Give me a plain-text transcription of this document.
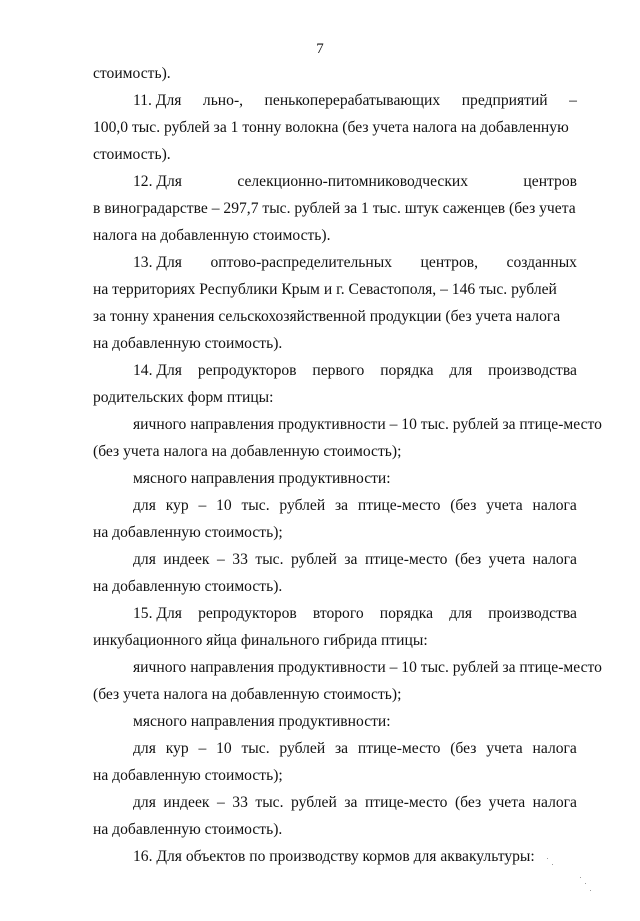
7
стоимость).
11. Для льно-, пенькоперерабатывающих предприятий –
100,0 тыс. рублей за 1 тонну волокна (без учета налога на добавленную
стоимость).
12. Для	селекционно-питомниководческих	центров
в виноградарстве – 297,7 тыс. рублей за 1 тыс. штук саженцев (без учета
налога на добавленную стоимость).
13. Для оптово-распределительных центров, созданных
на территориях Республики Крым и г. Севастополя, – 146 тыс. рублей
за тонну хранения сельскохозяйственной продукции (без учета налога
на добавленную стоимость).
14. Для репродукторов первого порядка для производства
родительских форм птицы:
яичного направления продуктивности – 10 тыс. рублей за птице-место
(без учета налога на добавленную стоимость);
мясного направления продуктивности:
для кур – 10 тыс. рублей за птице-место (без учета налога
на добавленную стоимость);
для индеек – 33 тыс. рублей за птице-место (без учета налога
на добавленную стоимость).
15. Для репродукторов второго порядка для производства
инкубационного яйца финального гибрида птицы:
яичного направления продуктивности – 10 тыс. рублей за птице-место
(без учета налога на добавленную стоимость);
мясного направления продуктивности:
для кур – 10 тыс. рублей за птице-место (без учета налога
на добавленную стоимость);
для индеек – 33 тыс. рублей за птице-место (без учета налога
на добавленную стоимость).
16. Для объектов по производству кормов для аквакультуры:
